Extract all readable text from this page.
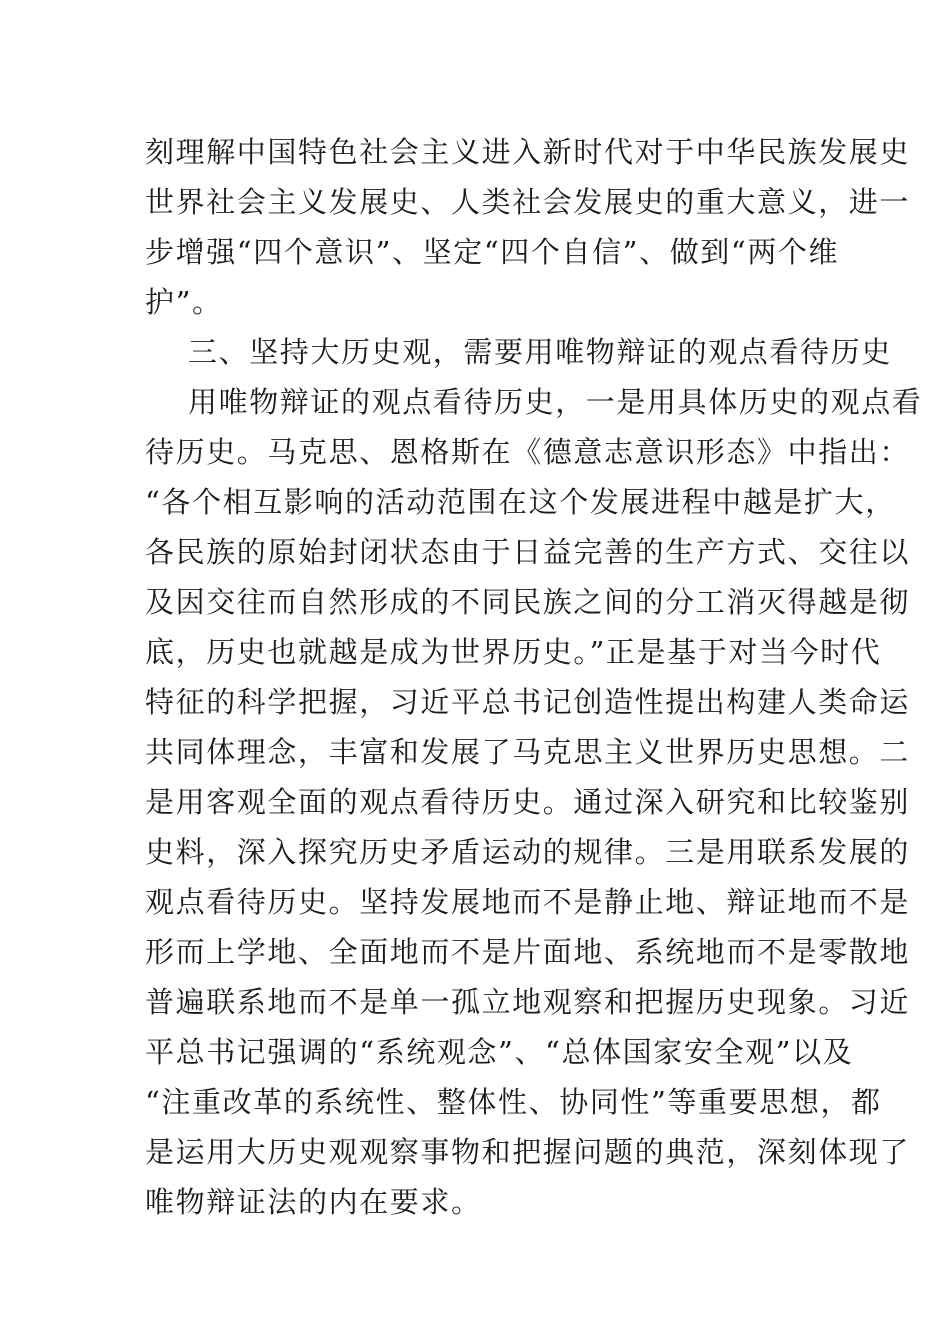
刻理解中国特色社会主义进入新时代对于中华民族发展史
世界社会主义发展史、人类社会发展史的重大意义，进一
步增强“四个意识”、坚定“四个自信”、做到“两个维
护”。
三、坚持大历史观，需要用唯物辩证的观点看待历史
用唯物辩证的观点看待历史，一是用具体历史的观点看
待历史。马克思、恩格斯在《德意志意识形态》中指出：
“各个相互影响的活动范围在这个发展进程中越是扩大，
各民族的原始封闭状态由于日益完善的生产方式、交往以
及因交往而自然形成的不同民族之间的分工消灭得越是彻
底，历史也就越是成为世界历史。”正是基于对当今时代
特征的科学把握，习近平总书记创造性提出构建人类命运
共同体理念，丰富和发展了马克思主义世界历史思想。二
是用客观全面的观点看待历史。通过深入研究和比较鉴别
史料，深入探究历史矛盾运动的规律。三是用联系发展的
观点看待历史。坚持发展地而不是静止地、辩证地而不是
形而上学地、全面地而不是片面地、系统地而不是零散地
普遍联系地而不是单一孤立地观察和把握历史现象。习近
平总书记强调的“系统观念”、“总体国家安全观”以及
“注重改革的系统性、整体性、协同性”等重要思想，都
是运用大历史观观察事物和把握问题的典范，深刻体现了
唯物辩证法的内在要求。
